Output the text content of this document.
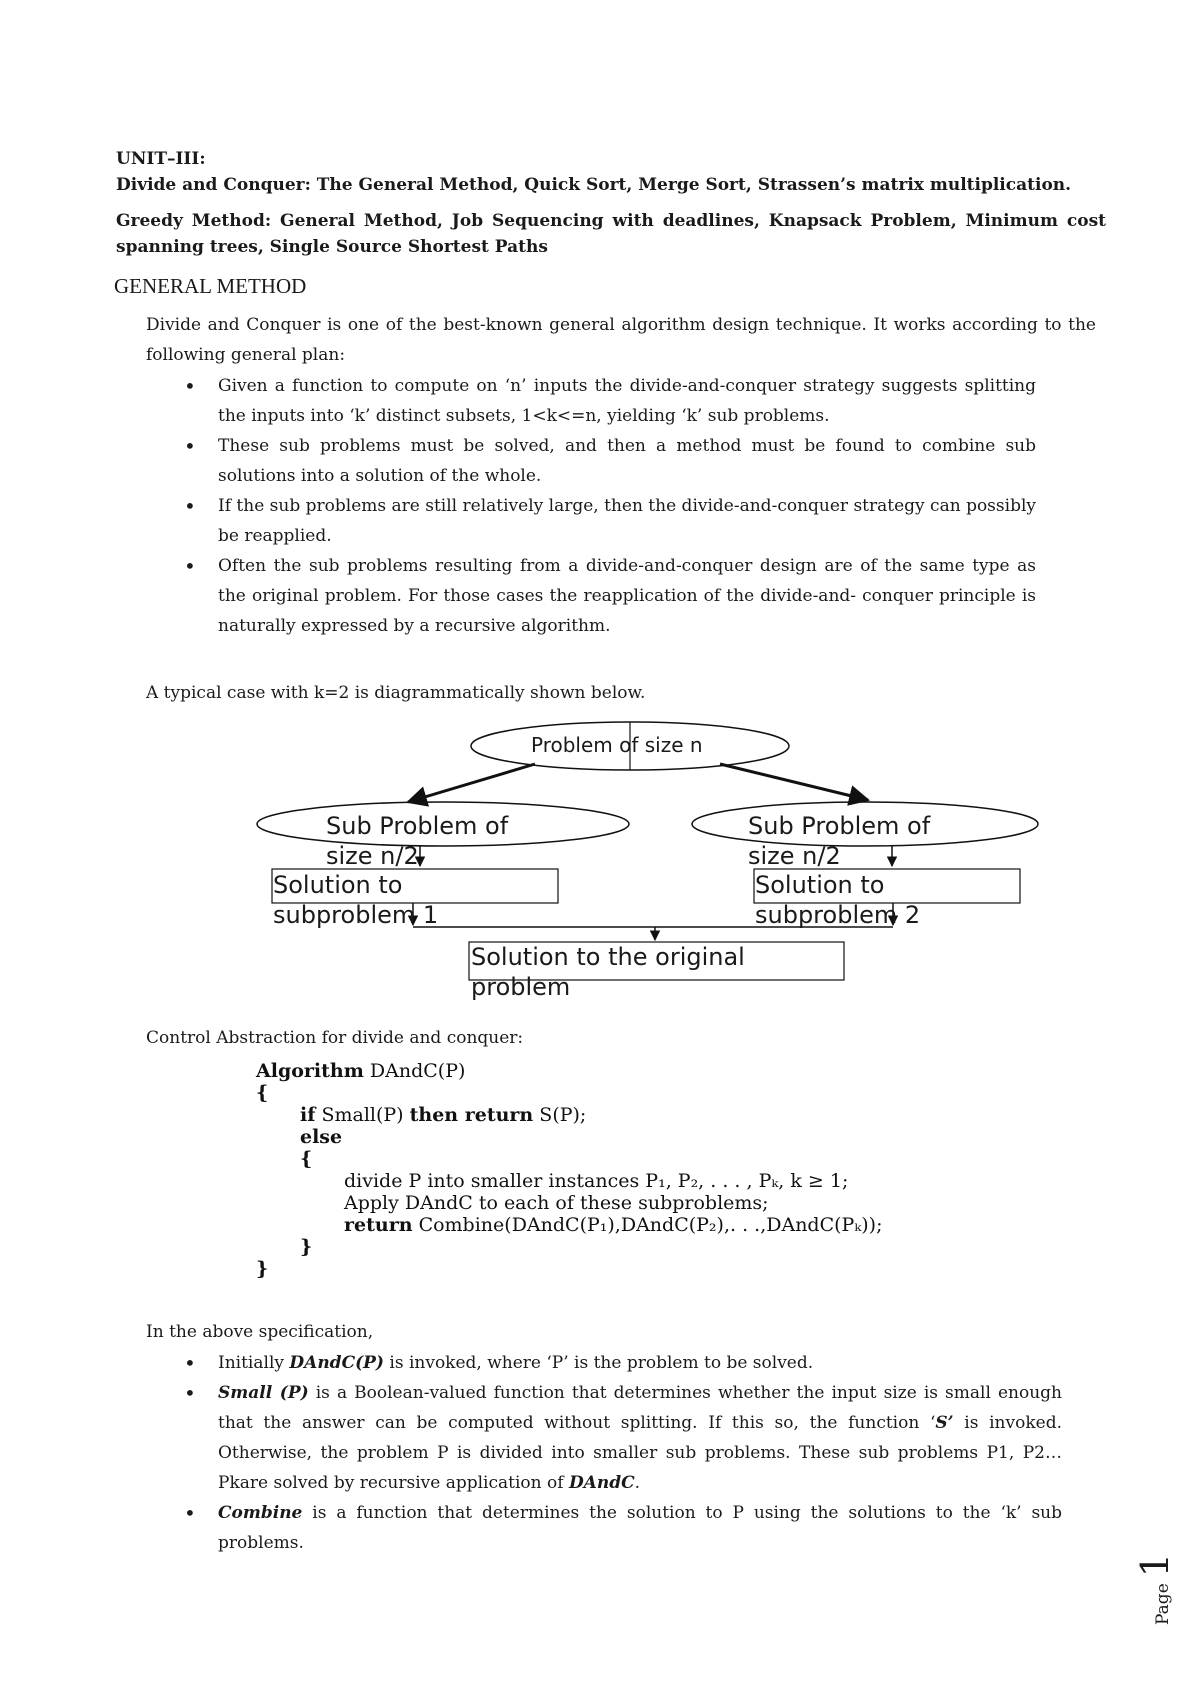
UNIT–III:
Divide and Conquer: The General Method, Quick Sort, Merge Sort, Strassen’s matrix multiplication.
Greedy Method: General Method, Job Sequencing with deadlines, Knapsack Problem, Minimum cost spanning trees, Single Source Shortest Paths
GENERAL METHOD
Divide and Conquer is one of the best-known general algorithm design technique. It works according to the following general plan:
• Given a function to compute on ‘n’ inputs the divide-and-conquer strategy suggests splitting the inputs into ‘k’ distinct subsets, 1<k<=n, yielding ‘k’ sub problems.
• These sub problems must be solved, and then a method must be found to combine sub solutions into a solution of the whole.
• If the sub problems are still relatively large, then the divide-and-conquer strategy can possibly be reapplied.
• Often the sub problems resulting from a divide-and-conquer design are of the same type as the original problem. For those cases the reapplication of the divide-and- conquer principle is naturally expressed by a recursive algorithm.
A typical case with k=2 is diagrammatically shown below.
Problem of size n
Sub Problem of size n/2
Sub Problem of size n/2
Solution to subproblem 1
Solution to subproblem 2
Solution to the original problem
Control Abstraction for divide and conquer:
Algorithm DAndC(P)
{
if Small(P) then return S(P);
else
{
divide P into smaller instances P₁, P₂, . . . , Pₖ, k ≥ 1;
Apply DAndC to each of these subproblems;
return Combine(DAndC(P₁),DAndC(P₂),. . .,DAndC(Pₖ));
}
}
In the above specification,
• Initially DAndC(P) is invoked, where ‘P’ is the problem to be solved.
• Small (P) is a Boolean-valued function that determines whether the input size is small enough that the answer can be computed without splitting. If this so, the function ‘S’ is invoked. Otherwise, the problem P is divided into smaller sub problems. These sub problems P1, P2… Pkare solved by recursive application of DAndC.
• Combine is a function that determines the solution to P using the solutions to the ‘k’ sub problems.
Page1
